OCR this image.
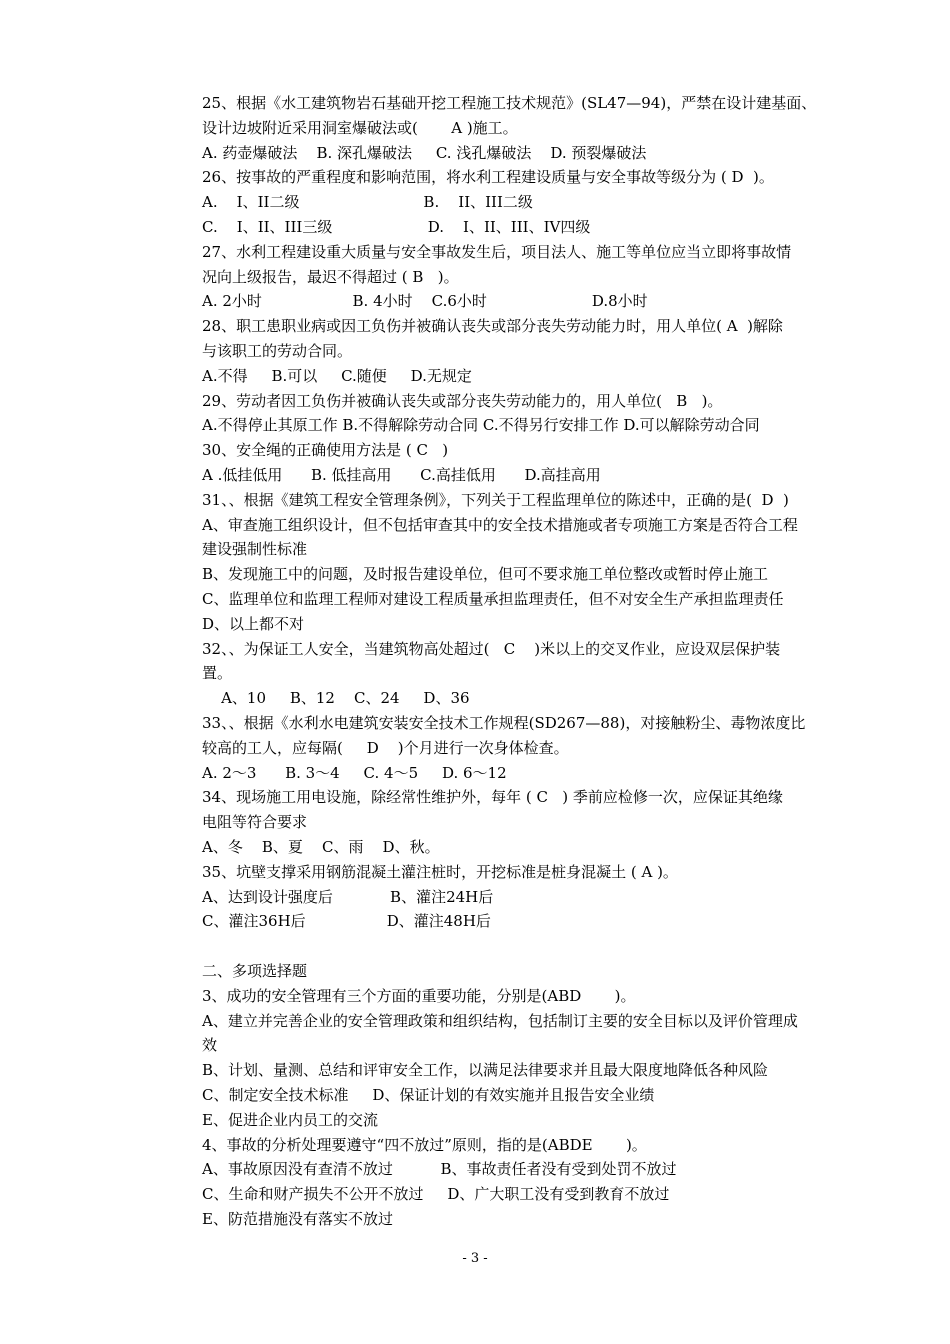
25、根据《水工建筑物岩石基础开挖工程施工技术规范》(SL47—94)，严禁在设计建基面、
设计边坡附近采用洞室爆破法或(       A )施工。
A. 药壶爆破法    B. 深孔爆破法     C. 浅孔爆破法    D. 预裂爆破法
26、按事故的严重程度和影响范围，将水利工程建设质量与安全事故等级分为 ( D  )。
A.    I、II二级                          B.    II、III二级
C.    I、II、III三级                    D.    I、II、III、IV四级
27、水利工程建设重大质量与安全事故发生后，项目法人、施工等单位应当立即将事故情
况向上级报告，最迟不得超过 ( B   )。
A. 2小时                   B. 4小时    C.6小时                      D.8小时
28、职工患职业病或因工负伤并被确认丧失或部分丧失劳动能力时，用人单位( A  )解除
与该职工的劳动合同。
A.不得     B.可以     C.随便     D.无规定
29、劳动者因工负伤并被确认丧失或部分丧失劳动能力的，用人单位(   B   )。
A.不得停止其原工作 B.不得解除劳动合同 C.不得另行安排工作 D.可以解除劳动合同
30、安全绳的正确使用方法是 ( C   )
A .低挂低用      B. 低挂高用      C.高挂低用      D.高挂高用
31、、根据《建筑工程安全管理条例》，下列关于工程监理单位的陈述中，正确的是(  D  )
A、审查施工组织设计，但不包括审查其中的安全技术措施或者专项施工方案是否符合工程
建设强制性标准
B、发现施工中的问题，及时报告建设单位，但可不要求施工单位整改或暂时停止施工
C、监理单位和监理工程师对建设工程质量承担监理责任，但不对安全生产承担监理责任
D、以上都不对
32、、为保证工人安全，当建筑物高处超过(   C    )米以上的交叉作业，应设双层保护装
置。
A、10     B、12    C、24     D、36
33、、根据《水利水电建筑安装安全技术工作规程(SD267—88)，对接触粉尘、毒物浓度比
较高的工人，应每隔(     D    )个月进行一次身体检查。
A. 2～3      B. 3～4     C. 4～5     D. 6～12
34、现场施工用电设施，除经常性维护外，每年 ( C   ) 季前应检修一次，应保证其绝缘
电阻等符合要求
A、冬    B、夏    C、雨    D、秋。
35、坑壁支撑采用钢筋混凝土灌注桩时，开挖标准是桩身混凝土 ( A )。
A、达到设计强度后            B、灌注24H后
C、灌注36H后                 D、灌注48H后
二、多项选择题
3、成功的安全管理有三个方面的重要功能，分别是(ABD       )。
A、建立并完善企业的安全管理政策和组织结构，包括制订主要的安全目标以及评价管理成
效
B、计划、量测、总结和评审安全工作，以满足法律要求并且最大限度地降低各种风险
C、制定安全技术标准     D、保证计划的有效实施并且报告安全业绩
E、促进企业内员工的交流
4、事故的分析处理要遵守“四不放过”原则，指的是(ABDE       )。
A、事故原因没有查清不放过          B、事故责任者没有受到处罚不放过
C、生命和财产损失不公开不放过     D、广大职工没有受到教育不放过
E、防范措施没有落实不放过
- 3 -
